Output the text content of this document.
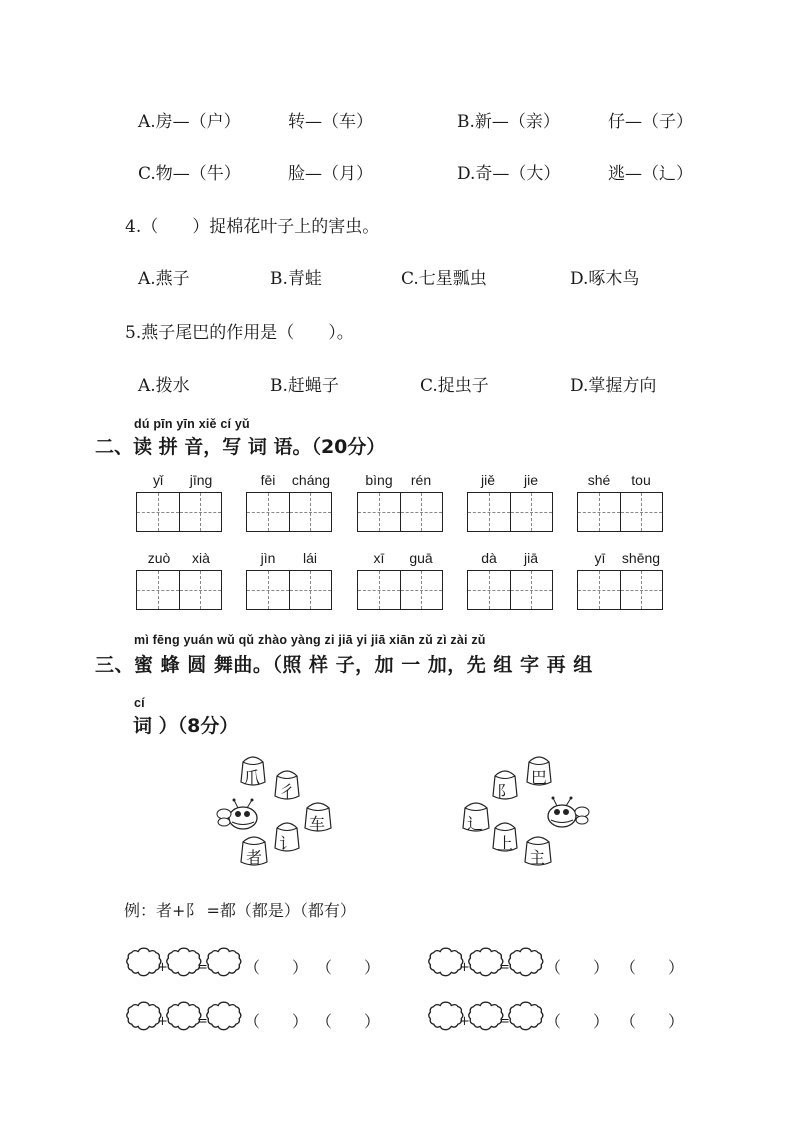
A.房—（户）	转—（车）	B.新—（亲）	仔—（子）
C.物—（牛）	脸—（月）	D.奇—（大）	逃—（辶）
4.（　　）捉棉花叶子上的害虫。
A.燕子	B.青蛙	C.七星瓢虫	D.啄木鸟
5.燕子尾巴的作用是（　　）。
A.拨水	B.赶蝇子	C.捉虫子	D.掌握方向
dú pīn yīn xiě cí yǔ
二、读 拼 音，写 词 语。（20分）
yǐ	jīng	fēi	cháng	bìng	rén	jiě	jie	shé	tou
zuò	xià	jìn	lái	xī	guā	dà	jiā	yī	shēng
mì fēng yuán wǔ qǔ zhào yàng zi jiā yi jiā xiān zǔ zì zài zǔ
三、蜜 蜂 圆 舞曲。（照 样 子，加 一 加，先 组 字 再 组
cí
词 ）（8分）
爪
彳
车
讠
者
巴
阝
辶
上
主
例：者+阝 =都（都是）（都有）
+ =	+ =
+ =	+ =
（　　） （　　）	（　　） （　　）
（　　） （　　）	（　　） （　　）
